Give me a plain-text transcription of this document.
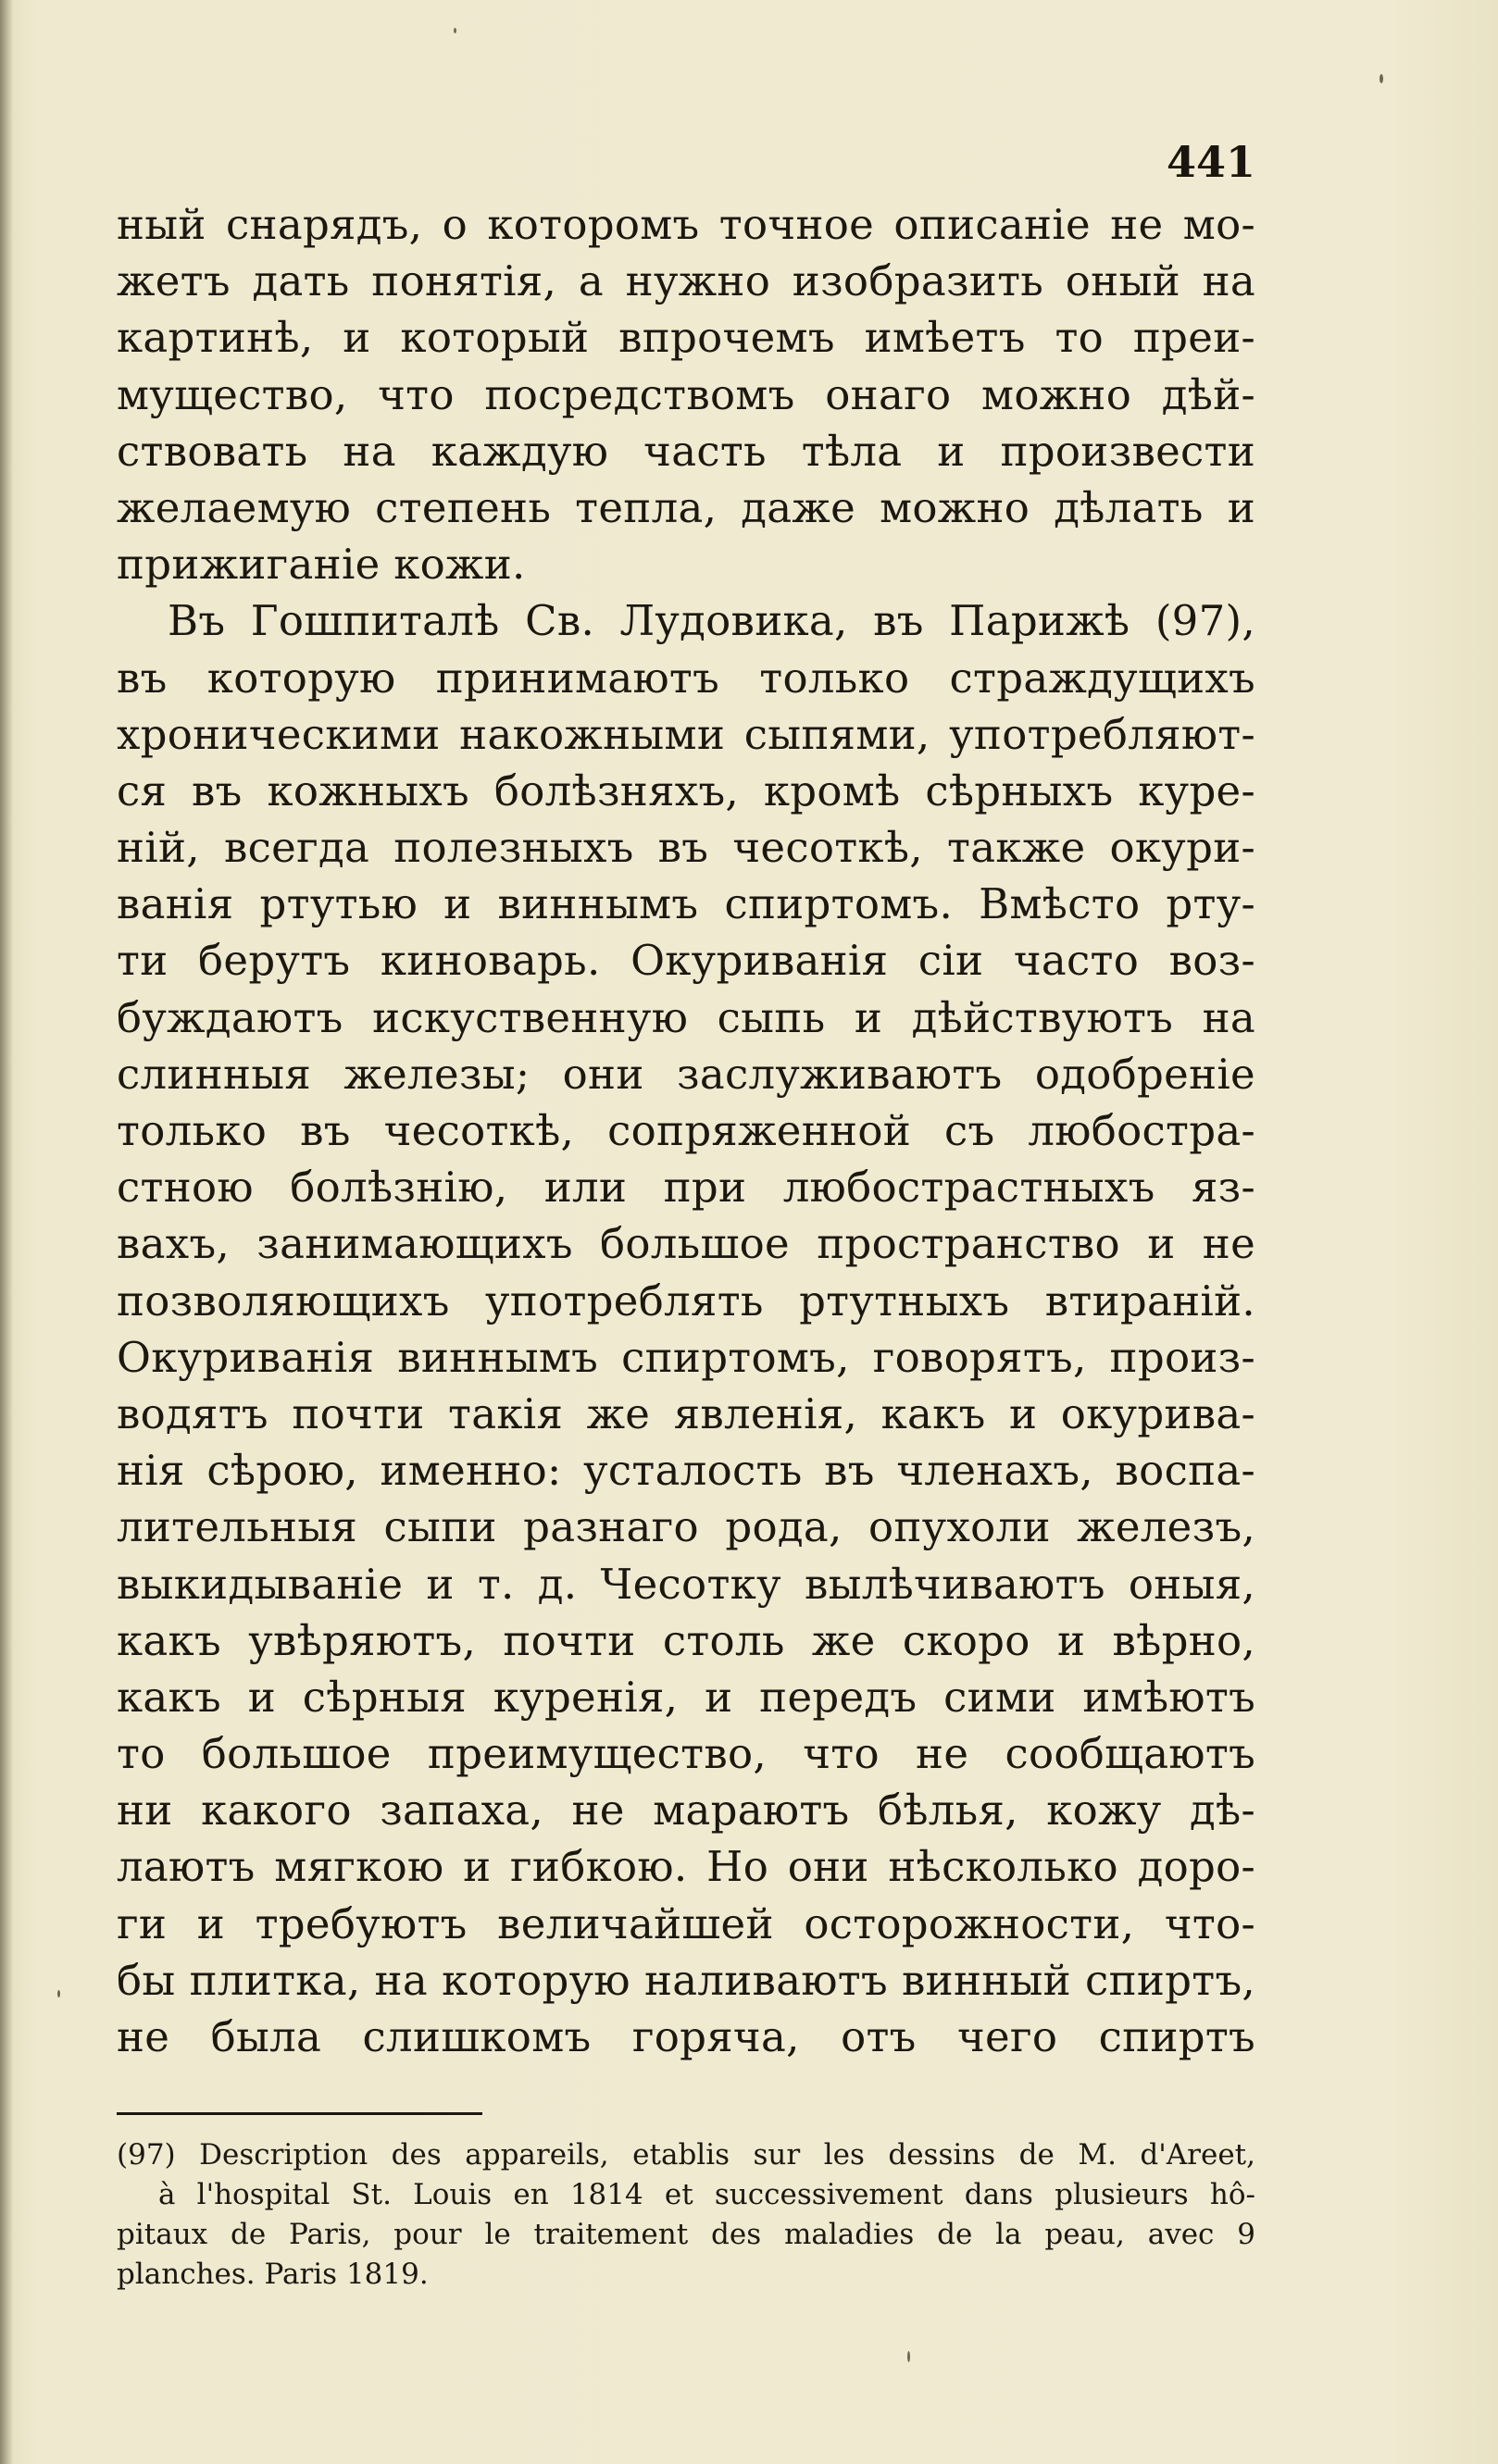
441
ный снарядъ, о которомъ точное описаніе не мо-
жетъ дать понятія, а нужно изобразить оный на
картинѣ, и который впрочемъ имѣетъ то преи-
мущество, что посредствомъ онаго можно дѣй-
ствовать на каждую часть тѣла и произвести
желаемую степень тепла, даже можно дѣлать и
прижиганіе кожи.
Въ Гошпиталѣ Св. Лудовика, въ Парижѣ (97),
въ которую принимаютъ только страждущихъ
хроническими накожными сыпями, употребляют-
ся въ кожныхъ болѣзняхъ, кромѣ сѣрныхъ куре-
ній, всегда полезныхъ въ чесоткѣ, также окури-
ванія ртутью и виннымъ спиртомъ. Вмѣсто рту-
ти берутъ киноварь. Окуриванія сіи часто воз-
буждаютъ искуственную сыпь и дѣйствуютъ на
слинныя железы; они заслуживаютъ одобреніе
только въ чесоткѣ, сопряженной съ любостра-
стною болѣзнію, или при любострастныхъ яз-
вахъ, занимающихъ большое пространство и не
позволяющихъ употреблять ртутныхъ втираній.
Окуриванія виннымъ спиртомъ, говорятъ, произ-
водятъ почти такія же явленія, какъ и окурива-
нія сѣрою, именно: усталость въ членахъ, воспа-
лительныя сыпи разнаго рода, опухоли железъ,
выкидываніе и т. д. Чесотку вылѣчиваютъ оныя,
какъ увѣряютъ, почти столь же скоро и вѣрно,
какъ и сѣрныя куренія, и передъ сими имѣютъ
то большое преимущество, что не сообщаютъ
ни какого запаха, не мараютъ бѣлья, кожу дѣ-
лаютъ мягкою и гибкою. Но они нѣсколько доро-
ги и требуютъ величайшей осторожности, что-
бы плитка, на которую наливаютъ винный спиртъ,
не была слишкомъ горяча, отъ чего спиртъ
(97) Description des appareils, etablis sur les dessins de M. d'Areet,
à l'hospital St. Louis en 1814 et successivement dans plusieurs hô-
pitaux de Paris, pour le traitement des maladies de la peau, avec 9
planches. Paris 1819.
